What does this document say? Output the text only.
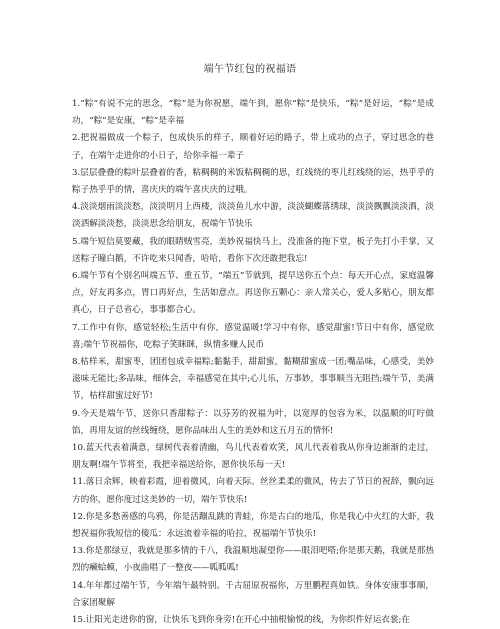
端午节红包的祝福语
1.“粽”有说不完的思念，“粽”是为你祝愿，端午到，愿你“粽”是快乐，“粽”是好运，“粽”是成功，“粽”是安康，“粽”是幸福
2.把祝福做成一个粽子，包成快乐的样子，顺着好运的路子，带上成功的点子，穿过思念的巷子，在端午走进你的小日子，给你幸福一辈子
3.层层叠叠的粽叶层叠着的香，粘稠稠的米饭粘稠稠的思，红线绕的枣儿红线绕的运，热乎乎的粽子热乎乎的情，喜庆庆的端午喜庆庆的过哦。
4.淡淡烟雨淡淡愁，淡淡明月上西楼，淡淡鱼儿水中游，淡淡蝴蝶落绣球，淡淡飘飘淡淡酒，淡淡洒解淡淡愁，淡淡思念给朋友，祝端午节快乐
5.端午短信莫要藏，我的眼睛贼雪亮，美妙祝福快马上，没准备的拖下堂，板子先打小手掌，又送粽子瞳白鹅，不许吃来只闻香，哈哈，看你下次还敢把我忘!
6.端午节有个别名叫端五节、重五节，“端五”节就到，提早送你五个点：每天开心点，家庭温馨点，好友再多点，胃口再好点，生活如意点。再送你五颗心：亲人常关心，爱人多贴心，朋友都真心，日子总省心，事事都合心。
7.工作中有你，感觉轻松;生活中有你，感觉温暖!学习中有你，感觉甜蜜!节日中有你，感觉欣喜;端午节祝福你，吃粽子笑眯眯，纵情多赚人民币
8.枯样米，甜蜜枣，团团包成幸福粽;黏黏手，甜甜蜜，黏糊甜蜜成一团;嘴品味，心感受，美妙滋味无能比;多品味，细体会，幸福感觉在其中;心儿乐，万事妙，事事顺当无阻挡;端午节，美满节，枯样甜蜜过好节!
9.今天是端午节，送你只香甜粽子：以芬芳的祝福为叶，以宽厚的包容为米，以温顺的叮咛做馅，再用友谊的丝线缠绕，愿你品味出人生的美妙和这五月五的情怀!
10.蓝天代表着满意，绿树代表着清幽，鸟儿代表着欢笑，风儿代表着我从你身边渐渐的走过，朋友啊!端午节将至，我把幸福送给你，愿你快乐每一天!
11.落日余辉，映着彩霞，迎着微风，向着天际。丝丝柔柔的微风，传去了节日的祝辞，飘向远方的你，愿你度过这美妙的一切，端午节快乐!
12.你是多愁善感的鸟鸦，你是活蹦乱跳的青蛙，你是古白的地瓜，你是我心中火红的大虾，我想祝福你我短信的傻瓜：永远流着幸福的哈拉，祝福端午节快乐!
13.你是那绿豆，我就是那多情的千八，我温顺地凝望你——眼泪吧嗒;你是那天鹅，我就是那热烈的癞蛤蟆，小夜曲唱了一整夜——呱呱呱!
14.年年都过端午节，今年端午最特别。千古屈原祝福你，万里鹏程真如铁。身体安康事事顺，合家团聚解
15.让阳光走进你的窗，让快乐飞到你身旁!在开心中抽根愉悦的线，为你织件好运衣裳;在
